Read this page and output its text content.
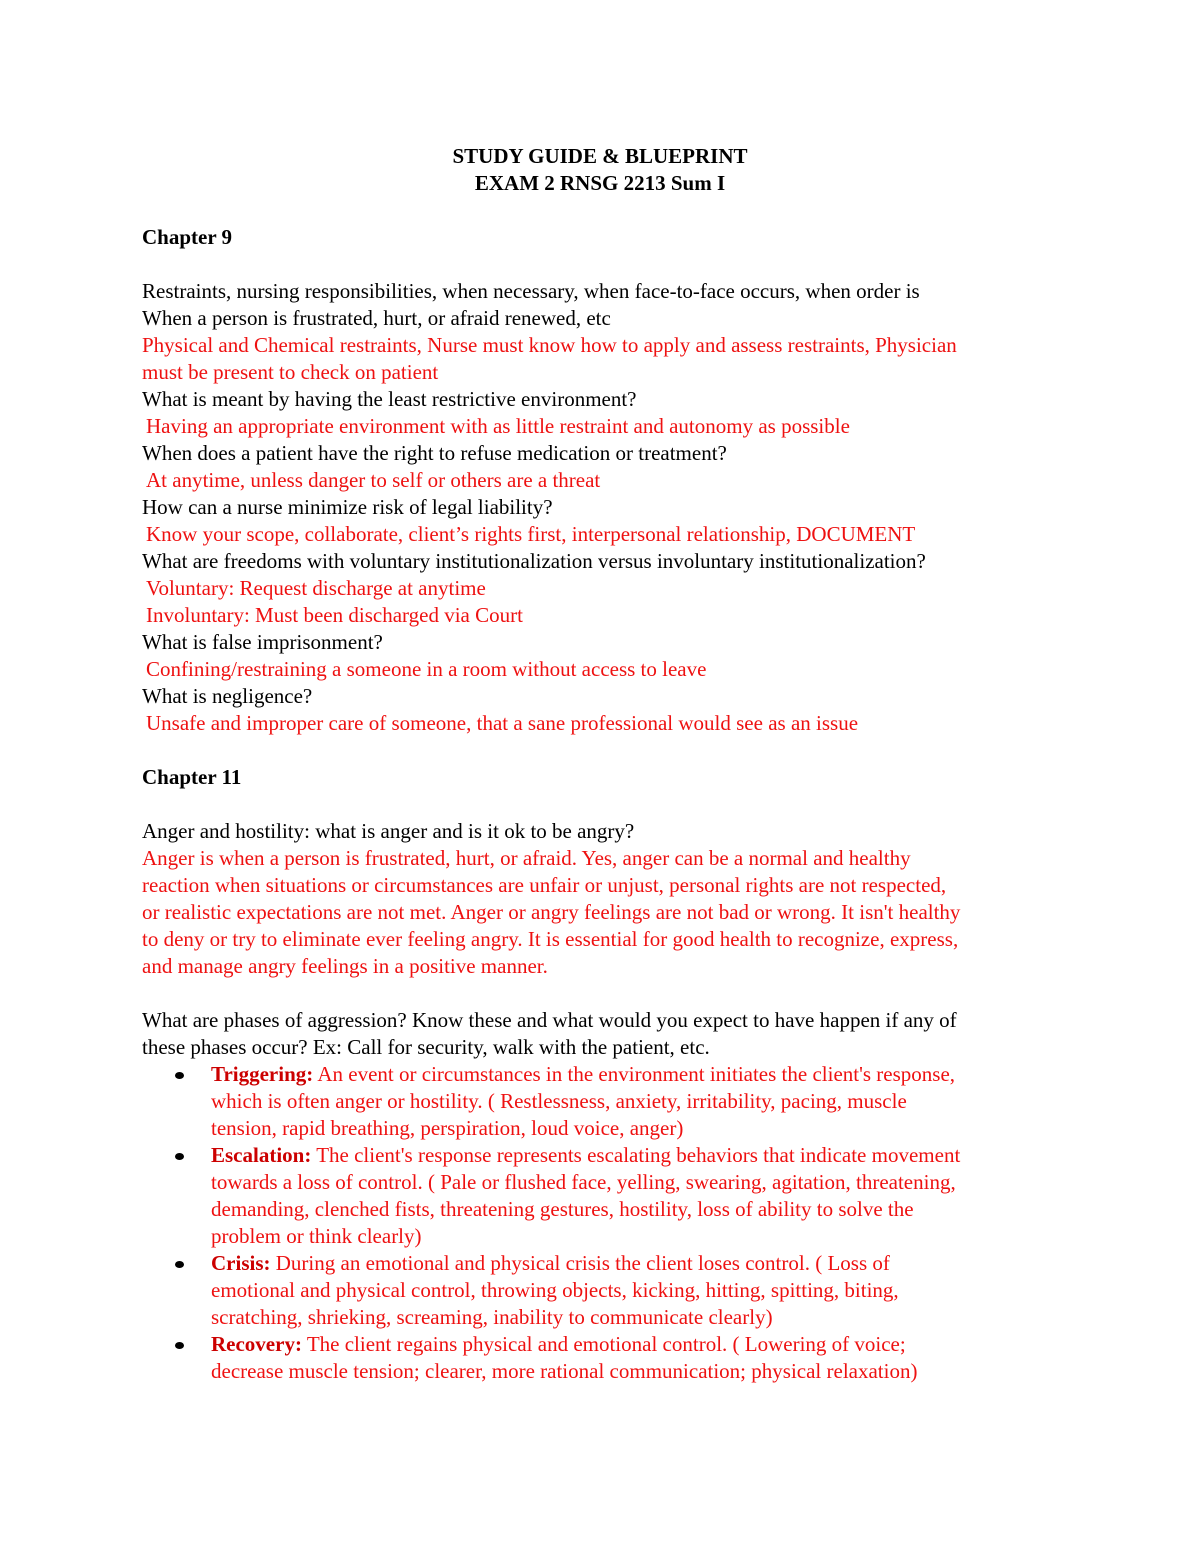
STUDY GUIDE & BLUEPRINT
EXAM 2 RNSG 2213 Sum I

Chapter 9

Restraints, nursing responsibilities, when necessary, when face-to-face occurs, when order is

When a person is frustrated, hurt, or afraid renewed, etc

Physical and Chemical restraints, Nurse must know how to apply and assess restraints, Physician

must be present to check on patient

What is meant by having the least restrictive environment?

Having an appropriate environment with as little restraint and autonomy as possible

When does a patient have the right to refuse medication or treatment?

At anytime, unless danger to self or others are a threat

How can a nurse minimize risk of legal liability?

Know your scope, collaborate, client’s rights first, interpersonal relationship, DOCUMENT

What are freedoms with voluntary institutionalization versus involuntary institutionalization?

Voluntary: Request discharge at anytime

Involuntary: Must been discharged via Court

What is false imprisonment?

Confining/restraining a someone in a room without access to leave

What is negligence?

Unsafe and improper care of someone, that a sane professional would see as an issue

Chapter 11

Anger and hostility: what is anger and is it ok to be angry?

Anger is when a person is frustrated, hurt, or afraid. Yes, anger can be a normal and healthy

reaction when situations or circumstances are unfair or unjust, personal rights are not respected,

or realistic expectations are not met. Anger or angry feelings are not bad or wrong. It isn't healthy

to deny or try to eliminate ever feeling angry. It is essential for good health to recognize, express,

and manage angry feelings in a positive manner.

What are phases of aggression? Know these and what would you expect to have happen if any of

these phases occur? Ex: Call for security, walk with the patient, etc.

Triggering: An event or circumstances in the environment initiates the client's response,
which is often anger or hostility. ( Restlessness, anxiety, irritability, pacing, muscle
tension, rapid breathing, perspiration, loud voice, anger)
Escalation: The client's response represents escalating behaviors that indicate movement
towards a loss of control. ( Pale or flushed face, yelling, swearing, agitation, threatening,
demanding, clenched fists, threatening gestures, hostility, loss of ability to solve the
problem or think clearly)
Crisis: During an emotional and physical crisis the client loses control. ( Loss of
emotional and physical control, throwing objects, kicking, hitting, spitting, biting,
scratching, shrieking, screaming, inability to communicate clearly)
Recovery: The client regains physical and emotional control. ( Lowering of voice;
decrease muscle tension; clearer, more rational communication; physical relaxation)
